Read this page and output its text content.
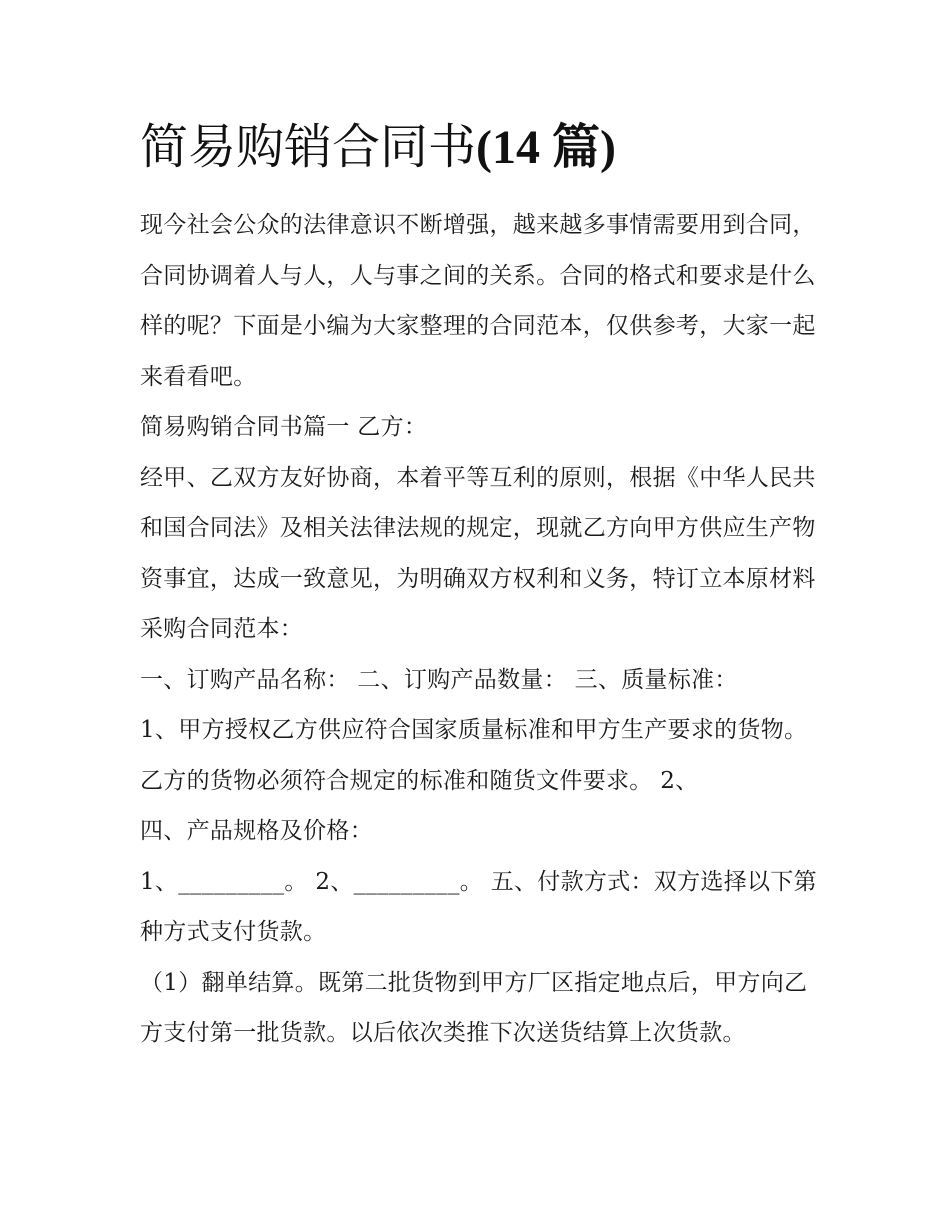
简易购销合同书(14 篇)

现今社会公众的法律意识不断增强，越来越多事情需要用到合同，合同协调着人与人，人与事之间的关系。合同的格式和要求是什么样的呢？下面是小编为大家整理的合同范本，仅供参考，大家一起来看看吧。

简易购销合同书篇一 乙方：

经甲、乙双方友好协商，本着平等互利的原则，根据《中华人民共和国合同法》及相关法律法规的规定，现就乙方向甲方供应生产物资事宜，达成一致意见，为明确双方权利和义务，特订立本原材料采购合同范本：

一、订购产品名称： 二、订购产品数量： 三、质量标准：

1、甲方授权乙方供应符合国家质量标准和甲方生产要求的货物。乙方的货物必须符合规定的标准和随货文件要求。 2、

四、产品规格及价格：

1、_________。 2、_________。 五、付款方式：双方选择以下第种方式支付货款。

（1）翻单结算。既第二批货物到甲方厂区指定地点后，甲方向乙方支付第一批货款。以后依次类推下次送货结算上次货款。
